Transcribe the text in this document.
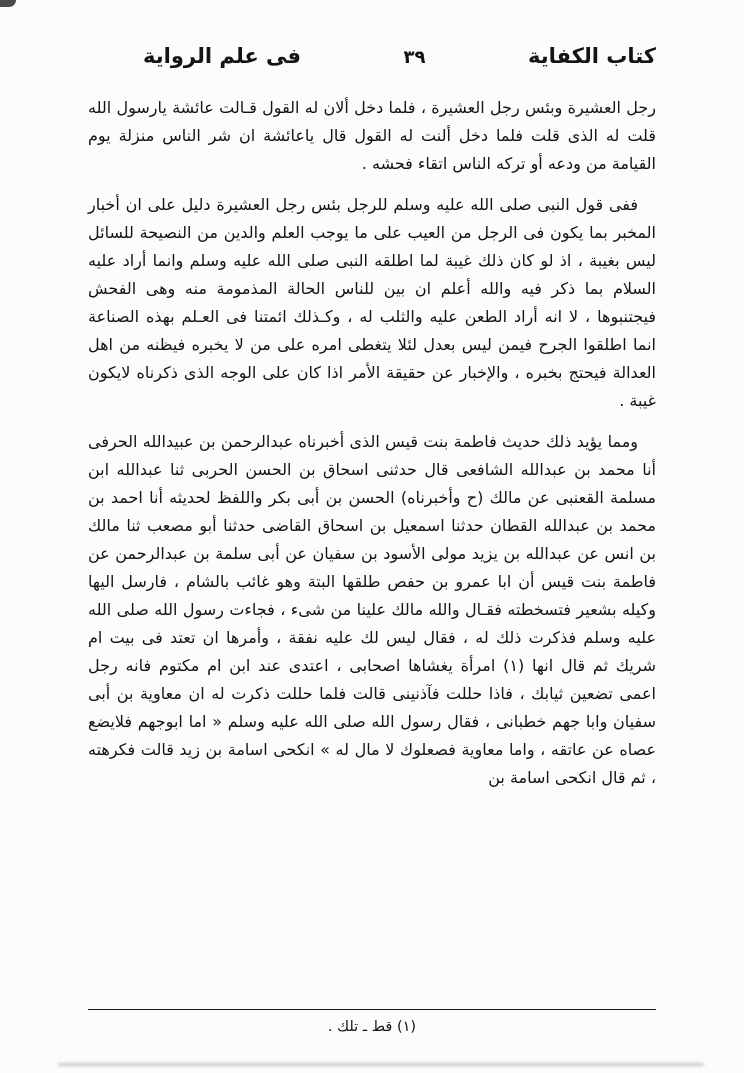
كتاب الكفاية
٣٩
فى علم الرواية

رجل العشيرة وبئس رجل العشيرة ، فلما دخل ألان له القول قـالت عائشة يارسول الله قلت له الذى قلت فلما دخل ألنت له القول قال ياعائشة ان شر الناس منزلة يوم القيامة من ودعه أو تركه الناس اتقاء فحشه .

ففى قول النبى صلى الله عليه وسلم للرجل بئس رجل العشيرة دليل على ان أخبار المخبر بما يكون فى الرجل من العيب على ما يوجب العلم والدين من النصيحة للسائل ليس بغيبة ، اذ لو كان ذلك غيبة لما اطلقه النبى صلى الله عليه وسلم وانما أراد عليه السلام بما ذكر فيه والله أعلم ان بين للناس الحالة المذمومة منه وهى الفحش فيجتنبوها ، لا انه أراد الطعن عليه والثلب له ، وكـذلك ائمتنا فى العـلم بهذه الصناعة انما اطلقوا الجرح فيمن ليس بعدل لئلا يتغطى امره على من لا يخبره فيظنه من اهل العدالة فيحتج بخبره ، والإخبار عن حقيقة الأمر اذا كان على الوجه الذى ذكرناه لايكون غيبة .

ومما يؤيد ذلك حديث فاطمة بنت قيس الذى أخبرناه عبدالرحمن بن عبيدالله الحرفى أنا محمد بن عبدالله الشافعى قال حدثنى اسحاق بن الحسن الحربى ثنا عبدالله ابن مسلمة القعنبى عن مالك (ح وأخبرناه) الحسن بن أبى بكر واللفظ لحديثه أنا احمد بن محمد بن عبدالله القطان حدثنا اسمعيل بن اسحاق القاضى حدثنا أبو مصعب ثنا مالك بن انس عن عبدالله بن يزيد مولى الأسود بن سفيان عن أبى سلمة بن عبدالرحمن عن فاطمة بنت قيس أن ابا عمرو بن حفص طلقها البتة وهو غائب بالشام ، فارسل اليها وكيله بشعير فتسخطته فقـال والله مالك علينا من شىء ، فجاءت رسول الله صلى الله عليه وسلم فذكرت ذلك له ، فقال ليس لك عليه نفقة ، وأمرها ان تعتد فى بيت ام شريك ثم قال انها (١) امرأة يغشاها اصحابى ، اعتدى عند ابن ام مكتوم فانه رجل اعمى تضعين ثيابك ، فاذا حللت فآذنينى قالت فلما حللت ذكرت له ان معاوية بن أبى سفيان وابا جهم خطبانى ، فقال رسول الله صلى الله عليه وسلم « اما ابوجهم فلايضع عصاه عن عاتقه ، واما معاوية فصعلوك لا مال له » انكحى اسامة بن زيد قالت فكرهته ، ثم قال انكحى اسامة بن

(١) قط ـ تلك .
